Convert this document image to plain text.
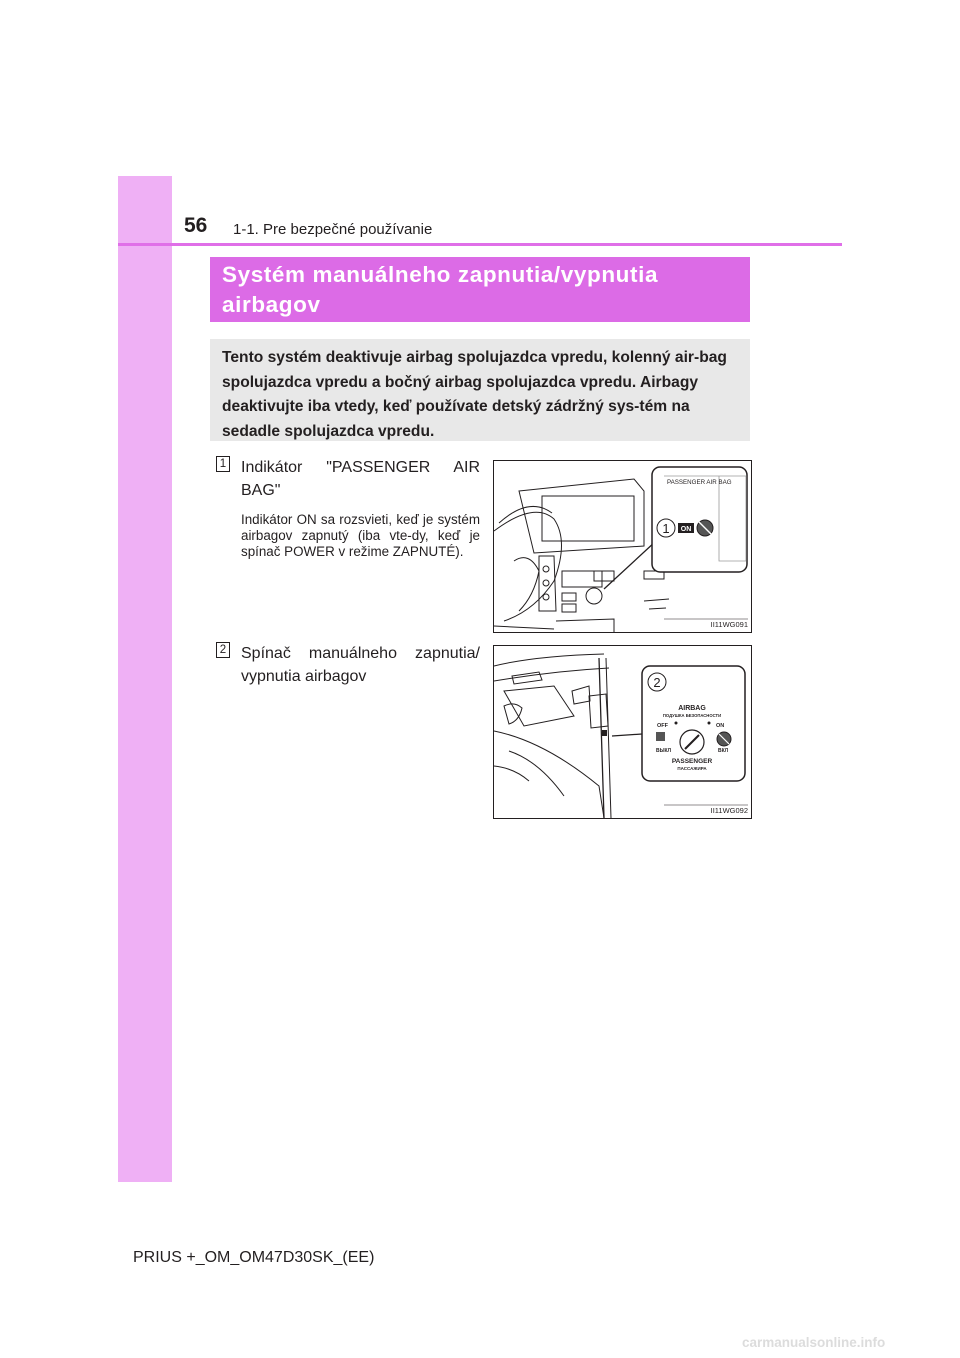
56 1-1. Pre bezpečné používanie
Systém manuálneho zapnutia/vypnutia airbagov
Tento systém deaktivuje airbag spolujazdca vpredu, kolenný air-bag spolujazdca vpredu a bočný airbag spolujazdca vpredu. Airbagy deaktivujte iba vtedy, keď používate detský zádržný sys-tém na sedadle spolujazdca vpredu.
1 Indikátor "PASSENGER AIR BAG"
Indikátor ON sa rozsvieti, keď je systém airbagov zapnutý (iba vte-dy, keď je spínač POWER v režime ZAPNUTÉ).
2 Spínač manuálneho zapnutia/ vypnutia airbagov
PASSENGER AIR BAG
1 ON
II11WG091
2
AIRBAG
ПОДУШКА БЕЗОПАСНОСТИ
OFF	ON
ВЫКЛ	ВКЛ
PASSENGER
ПАССАЖИРА
II11WG092
PRIUS +_OM_OM47D30SK_(EE)
carmanualsonline.info
